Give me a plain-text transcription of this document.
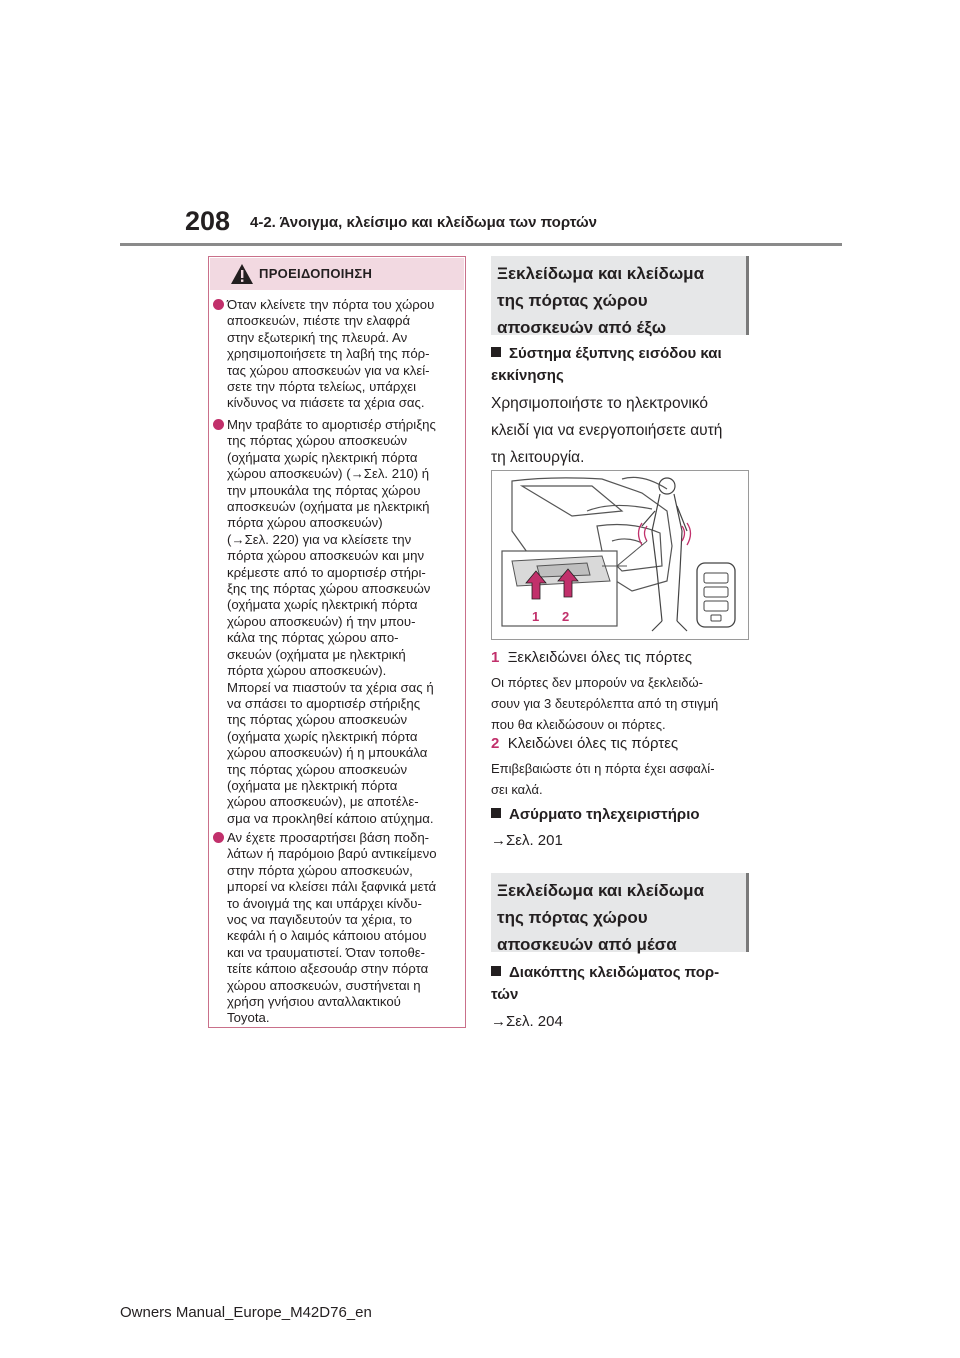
208 4-2. Άνοιγμα, κλείσιμο και κλείδωμα των πορτών
ΠΡΟΕΙΔΟΠΟΙΗΣΗ
Όταν κλείνετε την πόρτα του χώρου
αποσκευών, πιέστε την ελαφρά
στην εξωτερική της πλευρά. Αν
χρησιμοποιήσετε τη λαβή της πόρ-
τας χώρου αποσκευών για να κλεί-
σετε την πόρτα τελείως, υπάρχει
κίνδυνος να πιάσετε τα χέρια σας.
Μην τραβάτε το αμορτισέρ στήριξης
της πόρτας χώρου αποσκευών
(οχήματα χωρίς ηλεκτρική πόρτα
χώρου αποσκευών) (→Σελ. 210) ή
την μπουκάλα της πόρτας χώρου
αποσκευών (οχήματα με ηλεκτρική
πόρτα χώρου αποσκευών)
(→Σελ. 220) για να κλείσετε την
πόρτα χώρου αποσκευών και μην
κρέμεστε από το αμορτισέρ στήρι-
ξης της πόρτας χώρου αποσκευών
(οχήματα χωρίς ηλεκτρική πόρτα
χώρου αποσκευών) ή την μπου-
κάλα της πόρτας χώρου απο-
σκευών (οχήματα με ηλεκτρική
πόρτα χώρου αποσκευών).
Μπορεί να πιαστούν τα χέρια σας ή
να σπάσει το αμορτισέρ στήριξης
της πόρτας χώρου αποσκευών
(οχήματα χωρίς ηλεκτρική πόρτα
χώρου αποσκευών) ή η μπουκάλα
της πόρτας χώρου αποσκευών
(οχήματα με ηλεκτρική πόρτα
χώρου αποσκευών), με αποτέλε-
σμα να προκληθεί κάποιο ατύχημα.
Αν έχετε προσαρτήσει βάση ποδη-
λάτων ή παρόμοιο βαρύ αντικείμενο
στην πόρτα χώρου αποσκευών,
μπορεί να κλείσει πάλι ξαφνικά μετά
το άνοιγμά της και υπάρχει κίνδυ-
νος να παγιδευτούν τα χέρια, το
κεφάλι ή ο λαιμός κάποιου ατόμου
και να τραυματιστεί. Όταν τοποθε-
τείτε κάποιο αξεσουάρ στην πόρτα
χώρου αποσκευών, συστήνεται η
χρήση γνήσιου ανταλλακτικού
Toyota.
Ξεκλείδωμα και κλείδωμα
της πόρτας χώρου
αποσκευών από έξω
Σύστημα έξυπνης εισόδου και
εκκίνησης
Χρησιμοποιήστε το ηλεκτρονικό
κλειδί για να ενεργοποιήσετε αυτή
τη λειτουργία.
1 2
1 Ξεκλειδώνει όλες τις πόρτες
Οι πόρτες δεν μπορούν να ξεκλειδώ-
σουν για 3 δευτερόλεπτα από τη στιγμή
που θα κλειδώσουν οι πόρτες.
2 Κλειδώνει όλες τις πόρτες
Επιβεβαιώστε ότι η πόρτα έχει ασφαλί-
σει καλά.
Ασύρματο τηλεχειριστήριο
→Σελ. 201
Ξεκλείδωμα και κλείδωμα
της πόρτας χώρου
αποσκευών από μέσα
Διακόπτης κλειδώματος πορ-
τών
→Σελ. 204
Owners Manual_Europe_M42D76_en
